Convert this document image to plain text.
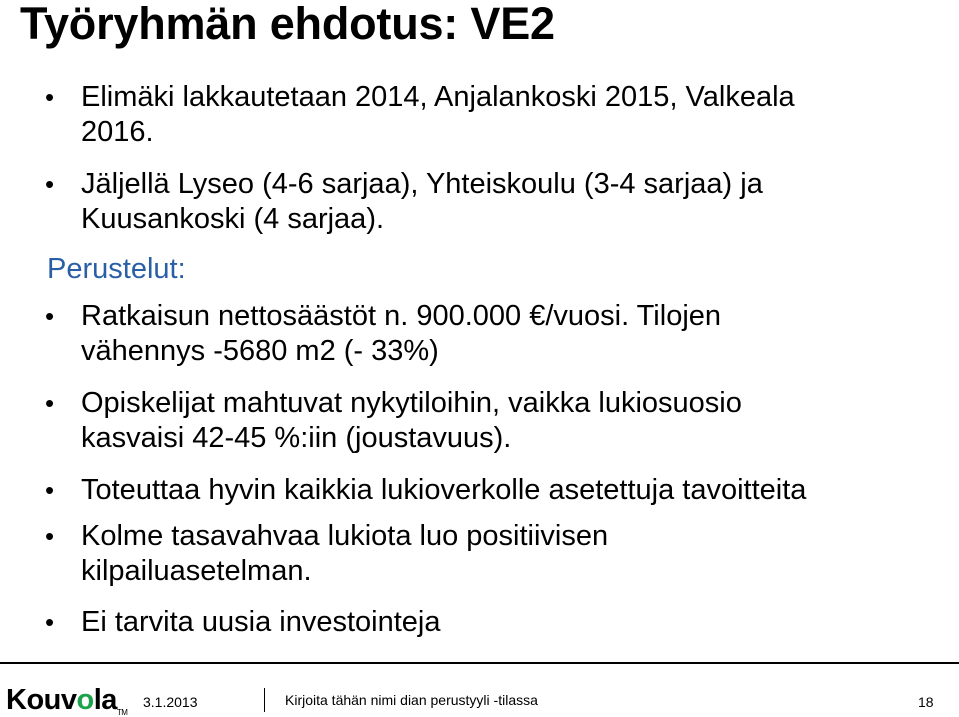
Työryhmän ehdotus: VE2
• Elimäki lakkautetaan 2014, Anjalankoski 2015, Valkeala
2016.
• Jäljellä Lyseo (4-6 sarjaa), Yhteiskoulu (3-4 sarjaa) ja
Kuusankoski (4 sarjaa).
Perustelut:
• Ratkaisun nettosäästöt n. 900.000 €/vuosi. Tilojen
vähennys -5680 m2 (- 33%)
• Opiskelijat mahtuvat nykytiloihin, vaikka lukiosuosio
kasvaisi 42-45 %:iin (joustavuus).
• Toteuttaa hyvin kaikkia lukioverkolle asetettuja tavoitteita
• Kolme tasavahvaa lukiota luo positiivisen
kilpailuasetelman.
• Ei tarvita uusia investointeja
KouvolaTM
3.1.2013	Kirjoita tähän nimi dian perustyyli -tilassa	18
